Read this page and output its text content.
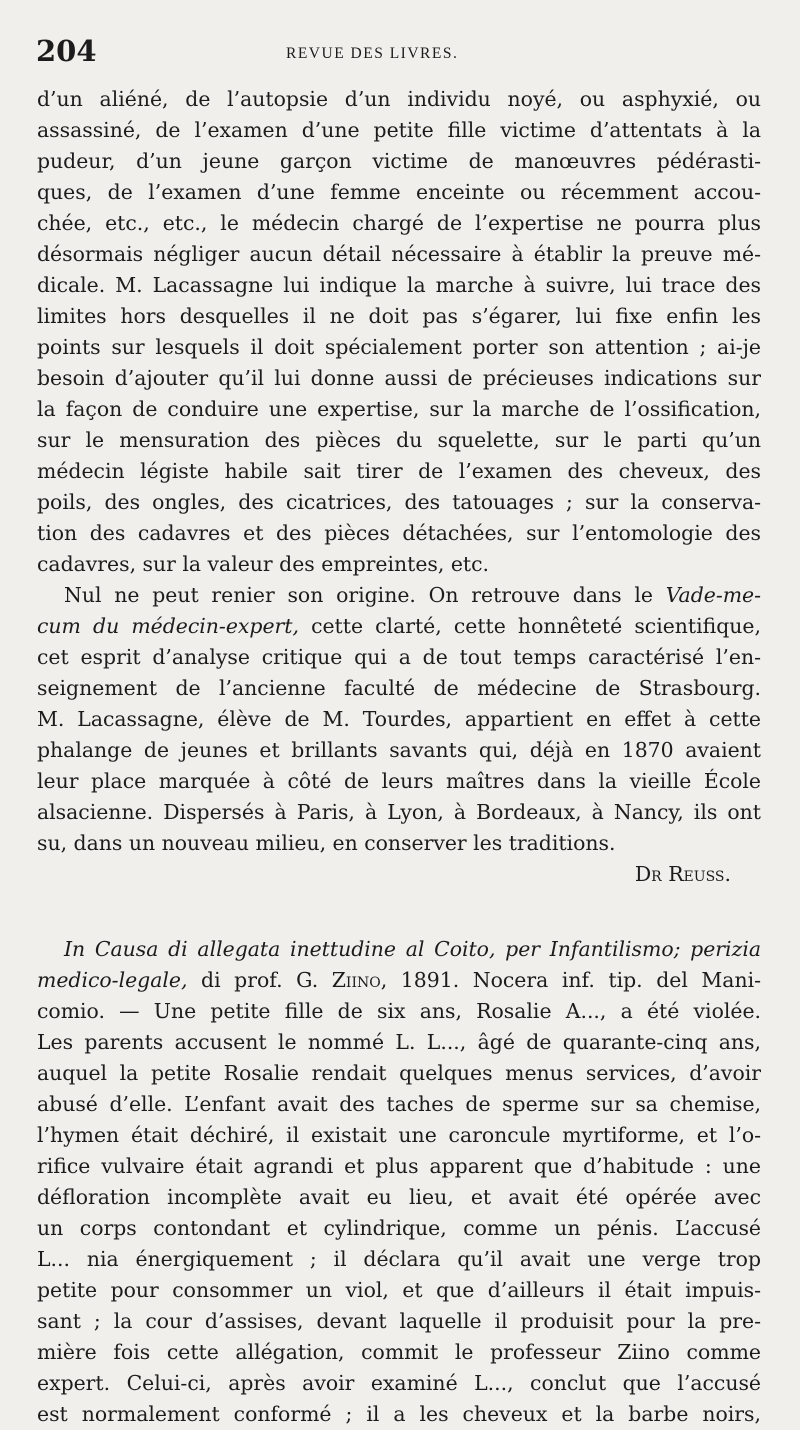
204	REVUE DES LIVRES.
d’un aliéné, de l’autopsie d’un individu noyé, ou asphyxié, ou
assassiné, de l’examen d’une petite fille victime d’attentats à la
pudeur, d’un jeune garçon victime de manœuvres pédérasti-
ques, de l’examen d’une femme enceinte ou récemment accou-
chée, etc., etc., le médecin chargé de l’expertise ne pourra plus
désormais négliger aucun détail nécessaire à établir la preuve mé-
dicale. M. Lacassagne lui indique la marche à suivre, lui trace des
limites hors desquelles il ne doit pas s’égarer, lui fixe enfin les
points sur lesquels il doit spécialement porter son attention ; ai-je
besoin d’ajouter qu’il lui donne aussi de précieuses indications sur
la façon de conduire une expertise, sur la marche de l’ossification,
sur le mensuration des pièces du squelette, sur le parti qu’un
médecin légiste habile sait tirer de l’examen des cheveux, des
poils, des ongles, des cicatrices, des tatouages ; sur la conserva-
tion des cadavres et des pièces détachées, sur l’entomologie des
cadavres, sur la valeur des empreintes, etc.
Nul ne peut renier son origine. On retrouve dans le Vade-me-
cum du médecin-expert, cette clarté, cette honnêteté scientifique,
cet esprit d’analyse critique qui a de tout temps caractérisé l’en-
seignement de l’ancienne faculté de médecine de Strasbourg.
M. Lacassagne, élève de M. Tourdes, appartient en effet à cette
phalange de jeunes et brillants savants qui, déjà en 1870 avaient
leur place marquée à côté de leurs maîtres dans la vieille École
alsacienne. Dispersés à Paris, à Lyon, à Bordeaux, à Nancy, ils ont
su, dans un nouveau milieu, en conserver les traditions.
Dr Reuss.
In Causa di allegata inettudine al Coito, per Infantilismo; perizia
medico-legale, di prof. G. Ziino, 1891. Nocera inf. tip. del Mani-
comio. — Une petite fille de six ans, Rosalie A..., a été violée.
Les parents accusent le nommé L. L..., âgé de quarante-cinq ans,
auquel la petite Rosalie rendait quelques menus services, d’avoir
abusé d’elle. L’enfant avait des taches de sperme sur sa chemise,
l’hymen était déchiré, il existait une caroncule myrtiforme, et l’o-
rifice vulvaire était agrandi et plus apparent que d’habitude : une
défloration incomplète avait eu lieu, et avait été opérée avec
un corps contondant et cylindrique, comme un pénis. L’accusé
L... nia énergiquement ; il déclara qu’il avait une verge trop
petite pour consommer un viol, et que d’ailleurs il était impuis-
sant ; la cour d’assises, devant laquelle il produisit pour la pre-
mière fois cette allégation, commit le professeur Ziino comme
expert. Celui-ci, après avoir examiné L..., conclut que l’accusé
est normalement conformé ; il a les cheveux et la barbe noirs,
